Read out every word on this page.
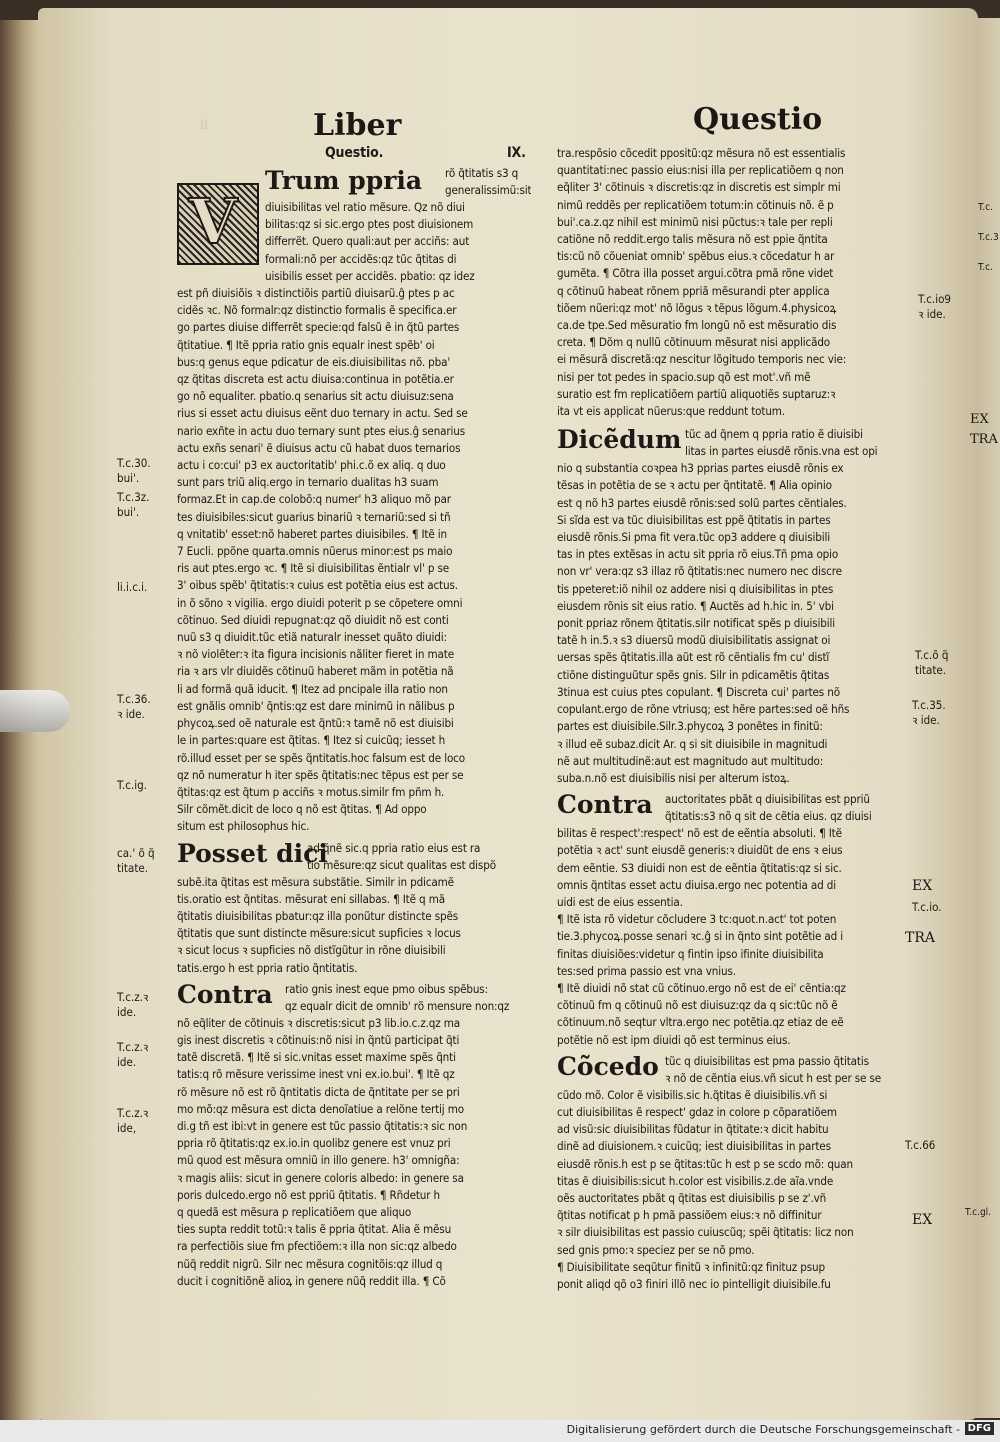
ii	Liber	Questio
Questio.	IX.
Trum ppria rõ q̃titatis s3 q
generalissimũ:sit
diuisibilitas vel ratio mẽsure. Qz nõ diui
bilitas:qz si sic.ergo ptes post diuisionem
differrẽt. Quero quali:aut per acciñs: aut
formali:nõ per accidẽs:qz tũc q̃titas di
uisibilis esset per accidẽs. pbatio: qz idez
est pñ diuisiõis ꝛ distinctiõis partiũ diuisarũ.ĝ ptes p ac
cidẽs ꝛc. Nõ formalr:qz distinctio formalis ẽ specifica.er
go partes diuise differrẽt specie:qd falsũ ẽ in q̃tũ partes
q̃titatiue. ¶ Itẽ ppria ratio gnis equalr inest spẽb' oi
bus:q genus eque pdicatur de eis.diuisibilitas nõ. pba'
qz q̃titas discreta est actu diuisa:continua in potẽtia.er
go nõ equaliter. pbatio.q senarius sit actu diuisuz:sena
rius si esset actu diuisus eẽnt duo ternary in actu. Sed se
nario exñte in actu duo ternary sunt ptes eius.ĝ senarius
actu exñs senari' ẽ diuisus actu cũ habat duos ternarios
actu i co:cui' p3 ex auctoritatib' phi.c.õ ex aliq. q duo
sunt pars triũ aliq.ergo in ternario dualitas h3 suam
formaz.Et in cap.de colobõ:q numer' h3 aliquo mõ par
tes diuisibiles:sicut guarius binariũ ꝛ ternariũ:sed si tñ
q vnitatib' esset:nõ haberet partes diuisibiles. ¶ Itẽ in
7 Eucli. ppõne quarta.omnis nũerus minor:est ps maio
ris aut ptes.ergo ꝛc. ¶ Itẽ si diuisibilitas ẽntialr vl' p se
3' oibus spẽb' q̃titatis:ꝛ cuius est potẽtia eius est actus.
in õ sõno ꝛ vigilia. ergo diuidi poterit p se cõpetere omni
cõtinuo. Sed diuidi repugnat:qz qõ diuidit nõ est conti
nuũ s3 q diuidit.tũc etiã naturalr inesset quãto diuidi:
ꝛ nõ violẽter:ꝛ ita figura incisionis nãliter fieret in mate
ria ꝛ ars vlr diuidẽs cõtinuũ haberet mãm in potẽtia nã
li ad formã quã iducit. ¶ Itez ad pncipale illa ratio non
est gnãlis omnib' q̃ntis:qz est dare minimũ in nãlibus p
phycoꝝ.sed oẽ naturale est q̃ntũ:ꝛ tamẽ nõ est diuisibi
le in partes:quare est q̃titas. ¶ Itez si cuicũq; iesset h
rõ.illud esset per se spẽs q̃ntitatis.hoc falsum est de loco
qz nõ numeratur h iter spẽs q̃titatis:nec tẽpus est per se
q̃titas:qz est q̃tum p acciñs ꝛ motus.similr fm pñm h.
Silr cõmẽt.dicit de loco q nõ est q̃titas. ¶ Ad oppo
situm est philosophus hic.
Posset dici
ad q̃nẽ sic.q ppria ratio eius est ra
tio mẽsure:qz sicut qualitas est dispõ
subẽ.ita q̃titas est mẽsura substãtie. Similr in pdicamẽ
tis.oratio est q̃ntitas. mẽsurat eni sillabas. ¶ Itẽ q mã
q̃titatis diuisibilitas pbatur:qz illa ponũtur distincte spẽs
q̃titatis que sunt distincte mẽsure:sicut supficies ꝛ locus
ꝛ sicut locus ꝛ supficies nõ distĩgũtur in rõne diuisibili
tatis.ergo h est ppria ratio q̃ntitatis.
Contra ratio gnis inest eque pmo oibus spẽbus:
qz equalr dicit de omnib' rõ mensure non:qz
nõ eq̃liter de cõtinuis ꝛ discretis:sicut p3 lib.io.c.z.qz ma
gis inest discretis ꝛ cõtinuis:nõ nisi in q̃ntũ participat q̃ti
tatẽ discretã. ¶ Itẽ si sic.vnitas esset maxime spẽs q̃nti
tatis:q rõ mẽsure verissime inest vni ex.io.bui'. ¶ Itẽ qz
rõ mẽsure nõ est rõ q̃ntitatis dicta de q̃ntitate per se pri
mo mõ:qz mẽsura est dicta denoĩatiue a relõne tertij mo
di.g tñ est ibi:vt in genere est tũc passio q̃titatis:ꝛ sic non
ppria rõ q̃titatis:qz ex.io.in quolibz genere est vnuz pri
mũ quod est mẽsura omniũ in illo genere. h3' omnigña:
ꝛ magis aliis: sicut in genere coloris albedo: in genere sa
poris dulcedo.ergo nõ est ppriũ q̃titatis. ¶ Rñdetur h
q quedã est mẽsura p replicatiõem que aliquo
ties supta reddit totũ:ꝛ talis ẽ ppria q̃titat. Alia ẽ mẽsu
ra perfectiõis siue fm pfectiõem:ꝛ illa non sic:qz albedo
nũq̃ reddit nigrũ. Silr nec mẽsura cognitõis:qz illud q
ducit i cognitiõnẽ alioꝝ in genere nũq̃ reddit illa. ¶ Cõ
V
tra.respõsio cõcedit ppositũ:qz mẽsura nõ est essentialis
quantitati:nec passio eius:nisi illa per replicatiõem q non
eq̃liter 3' cõtinuis ꝛ discretis:qz in discretis est simplr mi
nimũ reddẽs per replicatiõem totum:in cõtinuis nõ. ẽ p
bui'.ca.z.qz nihil est minimũ nisi pũctus:ꝛ tale per repli
catiõne nõ reddit.ergo talis mẽsura nõ est ppie q̃ntita
tis:cũ nõ cõueniat omnib' spẽbus eius.ꝛ cõcedatur h ar
gumẽta. ¶ Cõtra illa posset argui.cõtra pmã rõne videt
q cõtinuũ habeat rõnem ppriã mẽsurandi pter applica
tiõem nũeri:qz mot' nõ lõgus ꝛ tẽpus lõgum.4.physicoꝝ
ca.de tpe.Sed mẽsuratio fm longũ nõ est mẽsuratio dis
creta. ¶ Dõm q nullũ cõtinuum mẽsurat nisi applicãdo
ei mẽsurã discretã:qz nescitur lõgitudo temporis nec vie:
nisi per tot pedes in spacio.sup qõ est mot'.vñ mẽ
suratio est fm replicatiõem partiũ aliquotiẽs suptaruz:ꝛ
ita vt eis applicat nũerus:que reddunt totum.
Dicẽdum tũc ad q̃nem q ppria ratio ẽ diuisibi
litas in partes eiusdẽ rõnis.vna est opi
nio q substantia coꝛpea h3 pprias partes eiusdẽ rõnis ex
tẽsas in potẽtia de se ꝛ actu per q̃ntitatẽ. ¶ Alia opinio
est q nõ h3 partes eiusdẽ rõnis:sed solũ partes cẽntiales.
Si sĩda est va tũc diuisibilitas est ppẽ q̃titatis in partes
eiusdẽ rõnis.Si pma fit vera.tũc op3 addere q diuisibili
tas in ptes extẽsas in actu sit ppria rõ eius.Tñ pma opio
non vr' vera:qz s3 illaz rõ q̃titatis:nec numero nec discre
tis ppeteret:iõ nihil oz addere nisi q diuisibilitas in ptes
eiusdem rõnis sit eius ratio. ¶ Auctẽs ad h.hic in. 5' vbi
ponit ppriaz rõnem q̃titatis.silr notificat spẽs p diuisibili
tatẽ h in.5.ꝛ s3 diuersũ modũ diuisibilitatis assignat oi
uersas spẽs q̃titatis.illa aũt est rõ cẽntialis fm cu' distĩ
ctiõne distinguũtur spẽs gnis. Silr in pdicamẽtis q̃titas
3tinua est cuius ptes copulant. ¶ Discreta cui' partes nõ
copulant.ergo de rõne vtriusq; est hẽre partes:sed oẽ hñs
partes est diuisibile.Silr.3.phycoꝝ 3 ponẽtes in finitũ:
ꝛ illud eẽ subaz.dicit Ar. q si sit diuisibile in magnitudi
nẽ aut multitudinẽ:aut est magnitudo aut multitudo:
suba.n.nõ est diuisibilis nisi per alterum istoꝝ.
Contra auctoritates pbãt q diuisibilitas est ppriũ
q̃titatis:s3 nõ q sit de cẽtia eius. qz diuisi
bilitas ẽ respect':respect' nõ est de eẽntia absoluti. ¶ Itẽ
potẽtia ꝛ act' sunt eiusdẽ generis:ꝛ diuidũt de ens ꝛ eius
dem eẽntie. S3 diuidi non est de eẽntia q̃titatis:qz si sic.
omnis q̃ntitas esset actu diuisa.ergo nec potentia ad di
uidi est de eius essentia.
¶ Itẽ ista rõ videtur cõcludere 3 tc:quot.n.act' tot poten
tie.3.phycoꝝ.posse senari ꝛc.ĝ si in q̃nto sint potẽtie ad i
finitas diuisiões:videtur q fintin ipso ifinite diuisibilita
tes:sed prima passio est vna vnius.
¶ Itẽ diuidi nõ stat cũ cõtinuo.ergo nõ est de ei' cẽntia:qz
cõtinuũ fm q cõtinuũ nõ est diuisuz:qz da q sic:tũc nõ ẽ
cõtinuum.nõ seqtur vltra.ergo nec potẽtia.qz etiaz de eẽ
potẽtie nõ est ipm diuidi qõ est terminus eius.
Cõcedo tũc q diuisibilitas est pma passio q̃titatis
ꝛ nõ de cẽntia eius.vñ sicut h est per se se
cũdo mõ. Color ẽ visibilis.sic h.q̃titas ẽ diuisibilis.vñ si
cut diuisibilitas ẽ respect' gdaz in colore p cõparatiõem
ad visũ:sic diuisibilitas fũdatur in q̃titate:ꝛ dicit habitu
dinẽ ad diuisionem.ꝛ cuicũq; iest diuisibilitas in partes
eiusdẽ rõnis.h est p se q̃titas:tũc h est p se scdo mõ: quan
titas ẽ diuisibilis:sicut h.color est visibilis.z.de aĩa.vnde
oẽs auctoritates pbãt q q̃titas est diuisibilis p se z'.vñ
q̃titas notificat p h pmã passiõem eius:ꝛ nõ diffinitur
ꝛ silr diuisibilitas est passio cuiuscũq; spẽi q̃titatis: licz non
sed gnis pmo:ꝛ speciez per se nõ pmo.
¶ Diuisibilitate seqũtur finitũ ꝛ infinitũ:qz finituz psup
ponit aliqd qõ o3 finiri illõ nec io pintelligit diuisibile.fu
T.c.30.
bui'.
T.c.3z.
bui'.
li.i.c.i.
T.c.36.
ꝛ ide.
T.c.ig.
ca.' õ q̃
titate.
T.c.z.ꝛ
ide.
T.c.z.ꝛ
ide.
T.c.z.ꝛ
ide,
T.c.io9
ꝛ ide.
T.c.õ q̃
titate.
T.c.35.
ꝛ ide.
EX
T.c.io.
TRA
T.c.66
EX
T.c.
T.c.3
T.c.
EX
TRA
T.c.gl.
Digitalisierung gefördert durch die Deutsche Forschungsgemeinschaft - DFG
